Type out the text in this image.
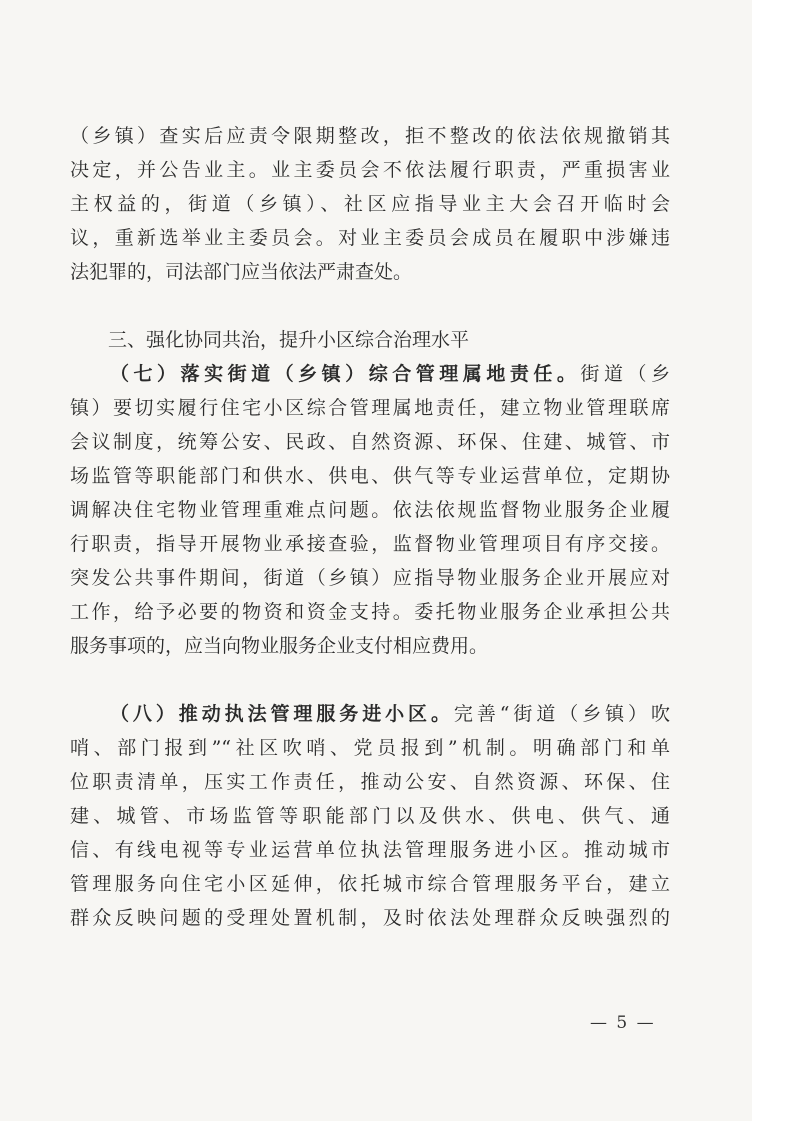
（乡镇）查实后应责令限期整改，拒不整改的依法依规撤销其
决定，并公告业主。业主委员会不依法履行职责，严重损害业
主权益的，街道（乡镇）、社区应指导业主大会召开临时会
议，重新选举业主委员会。对业主委员会成员在履职中涉嫌违
法犯罪的，司法部门应当依法严肃查处。
三、强化协同共治，提升小区综合治理水平
（七）落实街道（乡镇）综合管理属地责任。街道（乡
镇）要切实履行住宅小区综合管理属地责任，建立物业管理联席
会议制度，统筹公安、民政、自然资源、环保、住建、城管、市
场监管等职能部门和供水、供电、供气等专业运营单位，定期协
调解决住宅物业管理重难点问题。依法依规监督物业服务企业履
行职责，指导开展物业承接查验，监督物业管理项目有序交接。
突发公共事件期间，街道（乡镇）应指导物业服务企业开展应对
工作，给予必要的物资和资金支持。委托物业服务企业承担公共
服务事项的，应当向物业服务企业支付相应费用。
（八）推动执法管理服务进小区。完善“街道（乡镇）吹
哨、部门报到”“社区吹哨、党员报到”机制。明确部门和单
位职责清单，压实工作责任，推动公安、自然资源、环保、住
建、城管、市场监管等职能部门以及供水、供电、供气、通
信、有线电视等专业运营单位执法管理服务进小区。推动城市
管理服务向住宅小区延伸，依托城市综合管理服务平台，建立
群众反映问题的受理处置机制，及时依法处理群众反映强烈的
— 5 —
